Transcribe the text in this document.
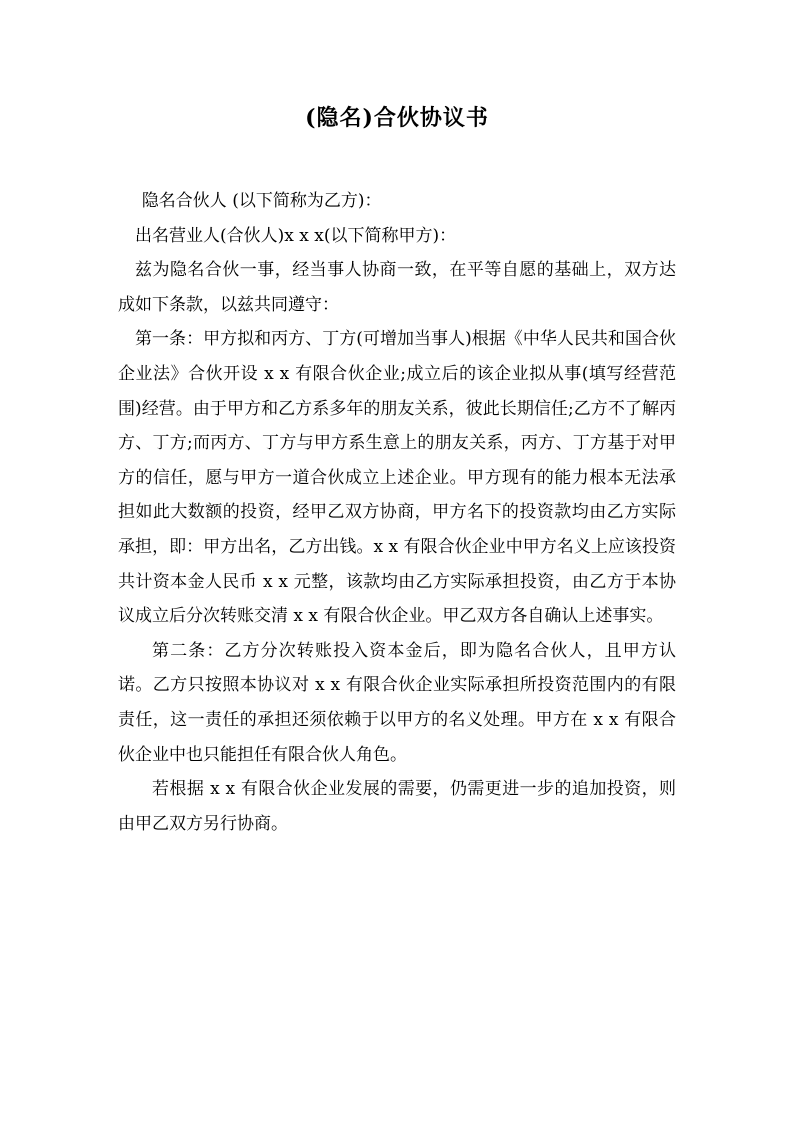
(隐名)合伙协议书

隐名合伙人 (以下简称为乙方)：

出名营业人(合伙人)x x x(以下简称甲方)：

兹为隐名合伙一事，经当事人协商一致，在平等自愿的基础上，双方达成如下条款，以兹共同遵守：

第一条：甲方拟和丙方、丁方(可增加当事人)根据《中华人民共和国合伙企业法》合伙开设 x x 有限合伙企业;成立后的该企业拟从事(填写经营范围)经营。由于甲方和乙方系多年的朋友关系，彼此长期信任;乙方不了解丙方、丁方;而丙方、丁方与甲方系生意上的朋友关系，丙方、丁方基于对甲方的信任，愿与甲方一道合伙成立上述企业。甲方现有的能力根本无法承担如此大数额的投资，经甲乙双方协商，甲方名下的投资款均由乙方实际承担，即：甲方出名，乙方出钱。x x 有限合伙企业中甲方名义上应该投资共计资本金人民币 x x 元整，该款均由乙方实际承担投资，由乙方于本协议成立后分次转账交清 x x 有限合伙企业。甲乙双方各自确认上述事实。

第二条：乙方分次转账投入资本金后，即为隐名合伙人，且甲方认诺。乙方只按照本协议对 x x 有限合伙企业实际承担所投资范围内的有限责任，这一责任的承担还须依赖于以甲方的名义处理。甲方在 x x 有限合伙企业中也只能担任有限合伙人角色。

若根据 x x 有限合伙企业发展的需要，仍需更进一步的追加投资，则由甲乙双方另行协商。
